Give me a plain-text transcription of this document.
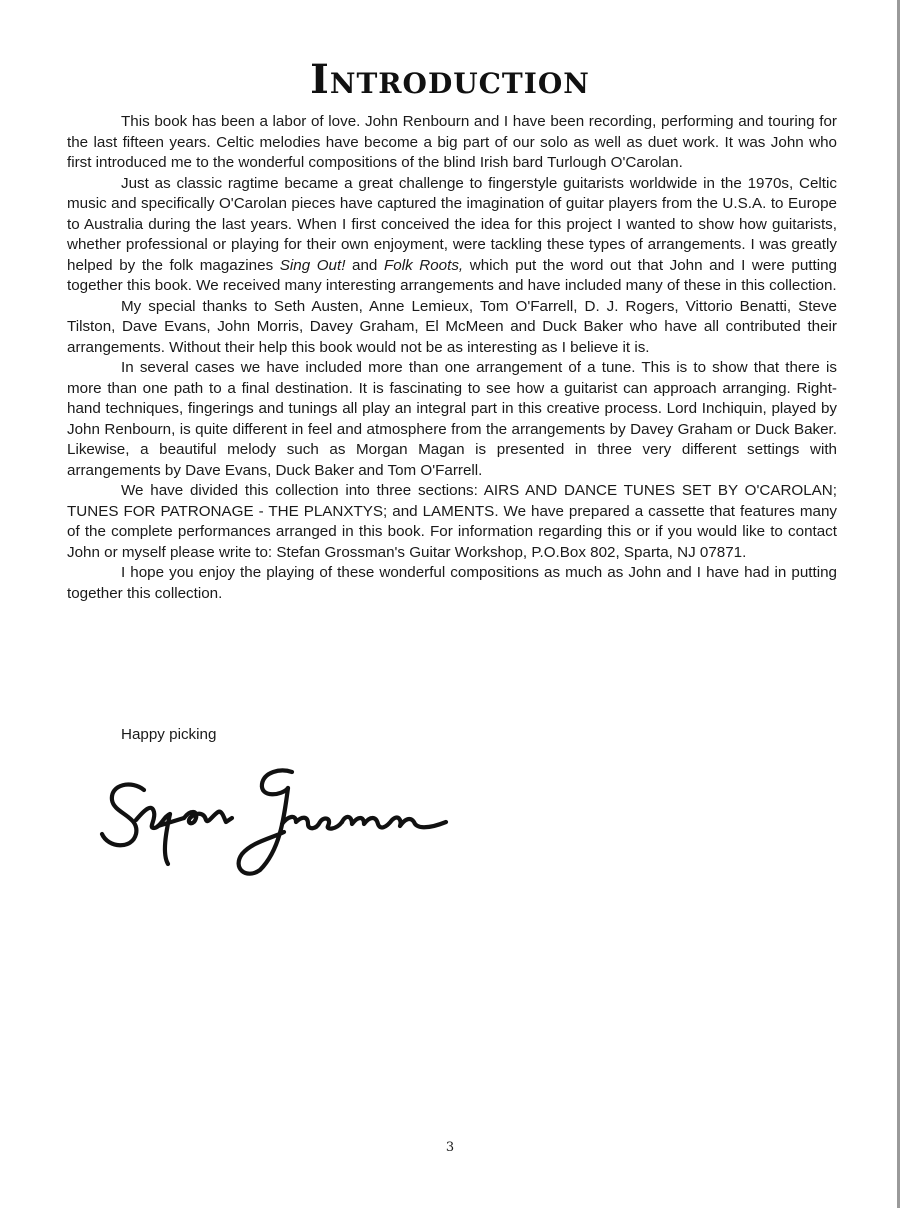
Introduction

This book has been a labor of love. John Renbourn and I have been recording, performing and touring for the last fifteen years. Celtic melodies have become a big part of our solo as well as duet work. It was John who first introduced me to the wonderful compositions of the blind Irish bard Turlough O'Carolan.

Just as classic ragtime became a great challenge to fingerstyle guitarists worldwide in the 1970s, Celtic music and specifically O'Carolan pieces have captured the imagination of guitar players from the U.S.A. to Europe to Australia during the last years. When I first conceived the idea for this project I wanted to show how guitarists, whether professional or playing for their own enjoyment, were tackling these types of arrangements. I was greatly helped by the folk magazines Sing Out! and Folk Roots, which put the word out that John and I were putting together this book. We received many interesting arrangements and have included many of these in this collection.

My special thanks to Seth Austen, Anne Lemieux, Tom O'Farrell, D. J. Rogers, Vittorio Benatti, Steve Tilston, Dave Evans, John Morris, Davey Graham, El McMeen and Duck Baker who have all contributed their arrangements. Without their help this book would not be as interesting as I believe it is.

In several cases we have included more than one arrangement of a tune. This is to show that there is more than one path to a final destination. It is fascinating to see how a guitarist can approach arranging. Right-hand techniques, fingerings and tunings all play an integral part in this creative process. Lord Inchiquin, played by John Renbourn, is quite different in feel and atmosphere from the arrangements by Davey Graham or Duck Baker. Likewise, a beautiful melody such as Morgan Magan is presented in three very different settings with arrangements by Dave Evans, Duck Baker and Tom O'Farrell.

We have divided this collection into three sections: AIRS AND DANCE TUNES SET BY O'CAROLAN; TUNES FOR PATRONAGE - THE PLANXTYS; and LAMENTS. We have prepared a cassette that features many of the complete performances arranged in this book. For information regarding this or if you would like to contact John or myself please write to: Stefan Grossman's Guitar Workshop, P.O.Box 802, Sparta, NJ 07871.

I hope you enjoy the playing of these wonderful compositions as much as John and I have had in putting together this collection.

Happy picking

3
